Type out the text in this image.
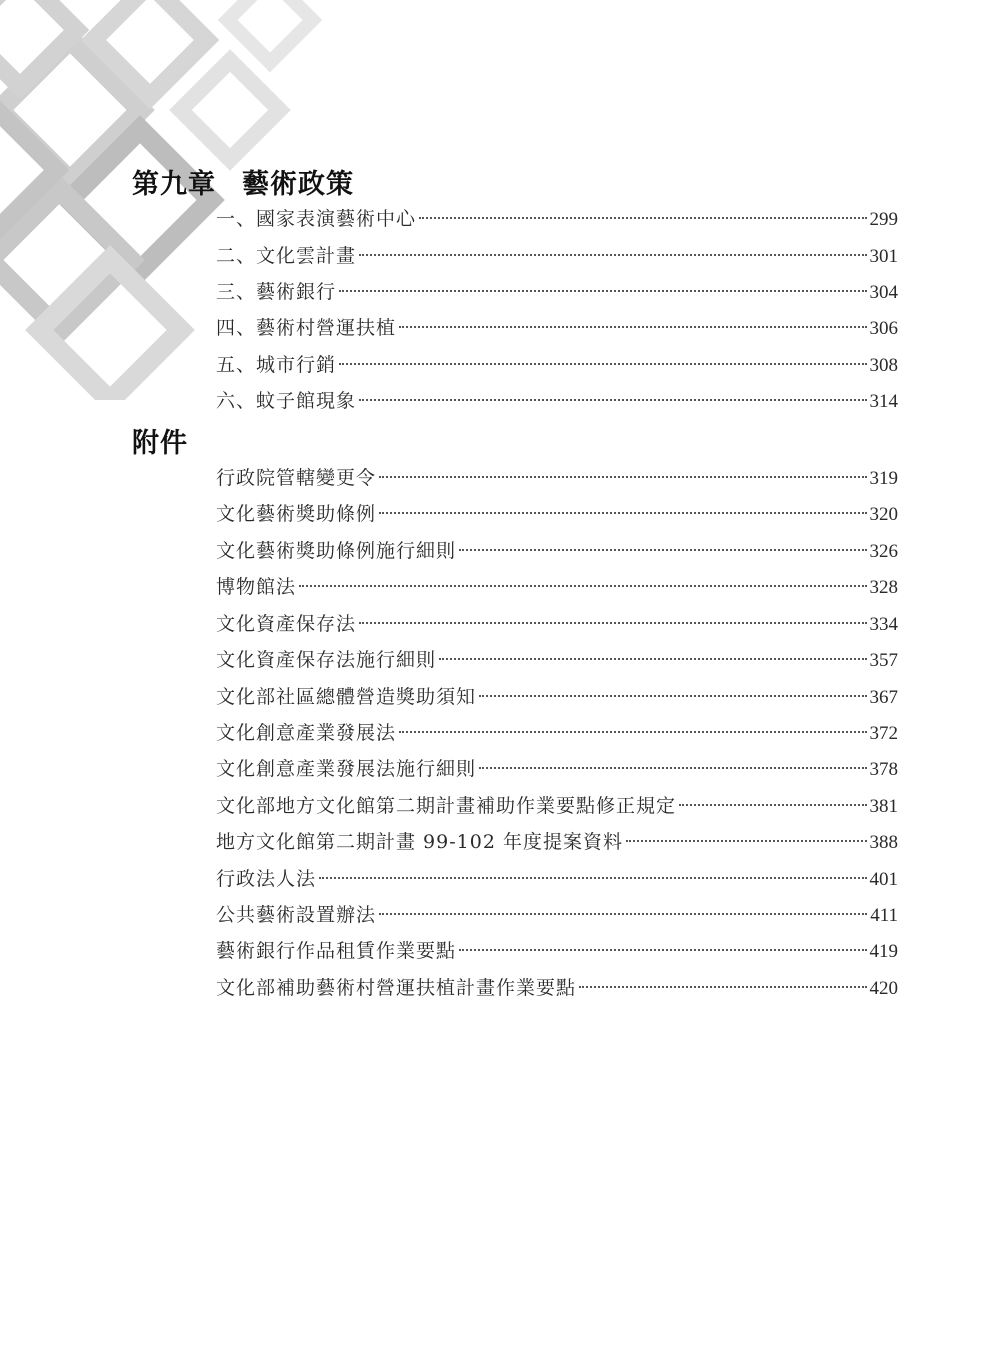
第九章 藝術政策
一、國家表演藝術中心	299
二、文化雲計畫	301
三、藝術銀行	304
四、藝術村營運扶植	306
五、城市行銷	308
六、蚊子館現象	314
附件
行政院管轄變更令	319
文化藝術獎助條例	320
文化藝術獎助條例施行細則	326
博物館法	328
文化資產保存法	334
文化資產保存法施行細則	357
文化部社區總體營造獎助須知	367
文化創意產業發展法	372
文化創意產業發展法施行細則	378
文化部地方文化館第二期計畫補助作業要點修正規定	381
地方文化館第二期計畫 99-102 年度提案資料	388
行政法人法	401
公共藝術設置辦法	411
藝術銀行作品租賃作業要點	419
文化部補助藝術村營運扶植計畫作業要點	420
